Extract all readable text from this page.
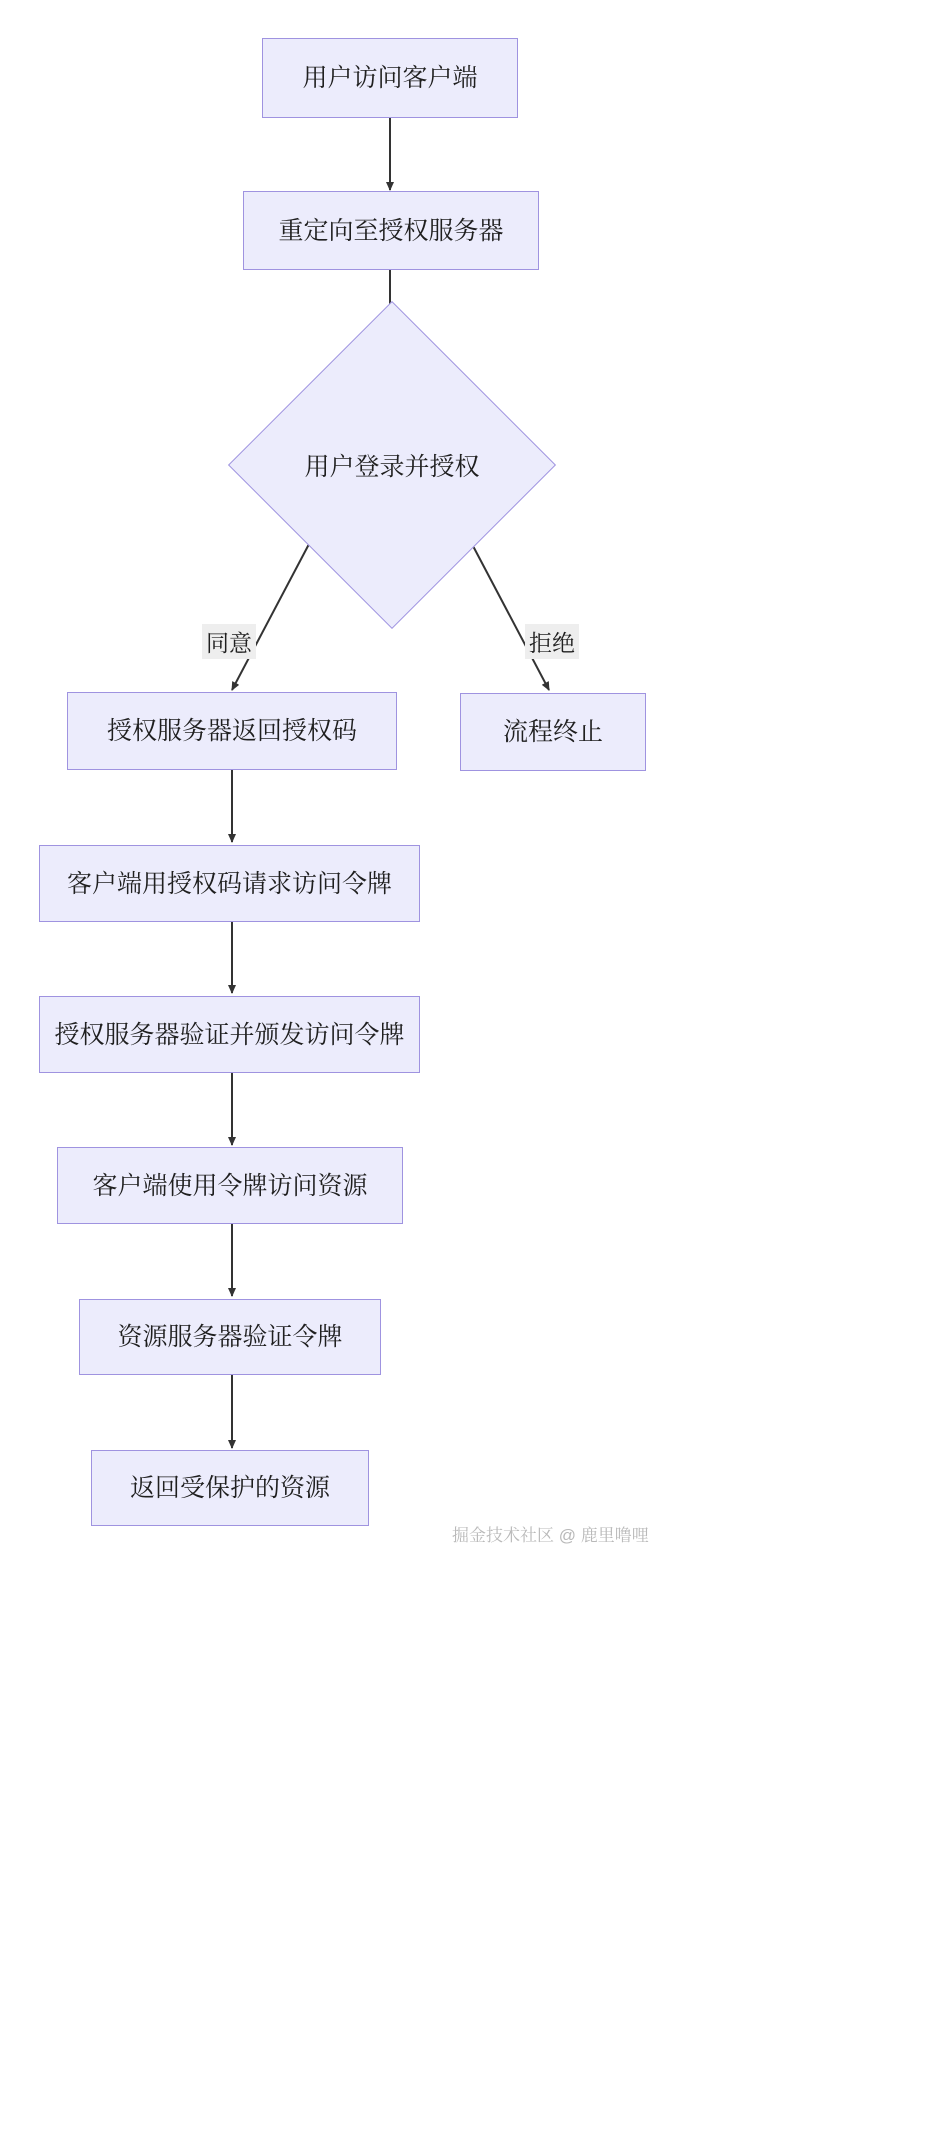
用户访问客户端
重定向至授权服务器
用户登录并授权
同意	拒绝
授权服务器返回授权码	流程终止
客户端用授权码请求访问令牌
授权服务器验证并颁发访问令牌
客户端使用令牌访问资源
资源服务器验证令牌
返回受保护的资源
掘金技术社区 @ 鹿里噜哩
